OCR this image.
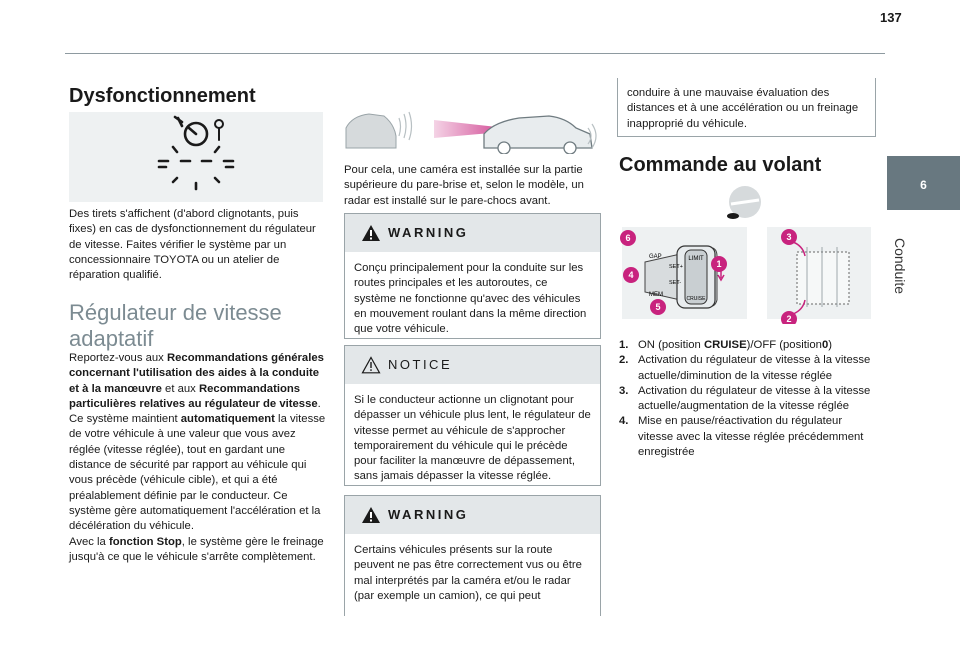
137
6
Conduite
Dysfonctionnement
Des tirets s'affichent (d'abord clignotants, puis fixes) en cas de dysfonctionnement du régulateur de vitesse. Faites vérifier le système par un concessionnaire TOYOTA ou un atelier de réparation qualifié.
Régulateur de vitesse adaptatif
Reportez-vous aux Recommandations générales concernant l'utilisation des aides à la conduite et à la manœuvre et aux Recommandations particulières relatives au régulateur de vitesse.
Ce système maintient automatiquement la vitesse de votre véhicule à une valeur que vous avez réglée (vitesse réglée), tout en gardant une distance de sécurité par rapport au véhicule qui vous précède (véhicule cible), et qui a été préalablement définie par le conducteur. Ce système gère automatiquement l'accélération et la décélération du véhicule.
Avec la fonction Stop, le système gère le freinage jusqu'à ce que le véhicule s'arrête complètement.
Pour cela, une caméra est installée sur la partie supérieure du pare-brise et, selon le modèle, un radar est installé sur le pare-chocs avant.
WARNING
Conçu principalement pour la conduite sur les routes principales et les autoroutes, ce système ne fonctionne qu'avec des véhicules en mouvement roulant dans la même direction que votre véhicule.
NOTICE
Si le conducteur actionne un clignotant pour dépasser un véhicule plus lent, le régulateur de vitesse permet au véhicule de s'approcher temporairement du véhicule qui le précède pour faciliter la manœuvre de dépassement, sans jamais dépasser la vitesse réglée.
WARNING
Certains véhicules présents sur la route peuvent ne pas être correctement vus ou être mal interprétés par la caméra et/ou le radar (par exemple un camion), ce qui peut
conduire à une mauvaise évaluation des distances et à une accélération ou un freinage inapproprié du véhicule.
Commande au volant
LIMIT
CRUISE
SET+
SET-
GAP
MEM
4
5
6
1
3
2
1. ON (position CRUISE)/OFF (position0)
2. Activation du régulateur de vitesse à la vitesse actuelle/diminution de la vitesse réglée
3. Activation du régulateur de vitesse à la vitesse actuelle/augmentation de la vitesse réglée
4. Mise en pause/réactivation du régulateur vitesse avec la vitesse réglée précédemment enregistrée
